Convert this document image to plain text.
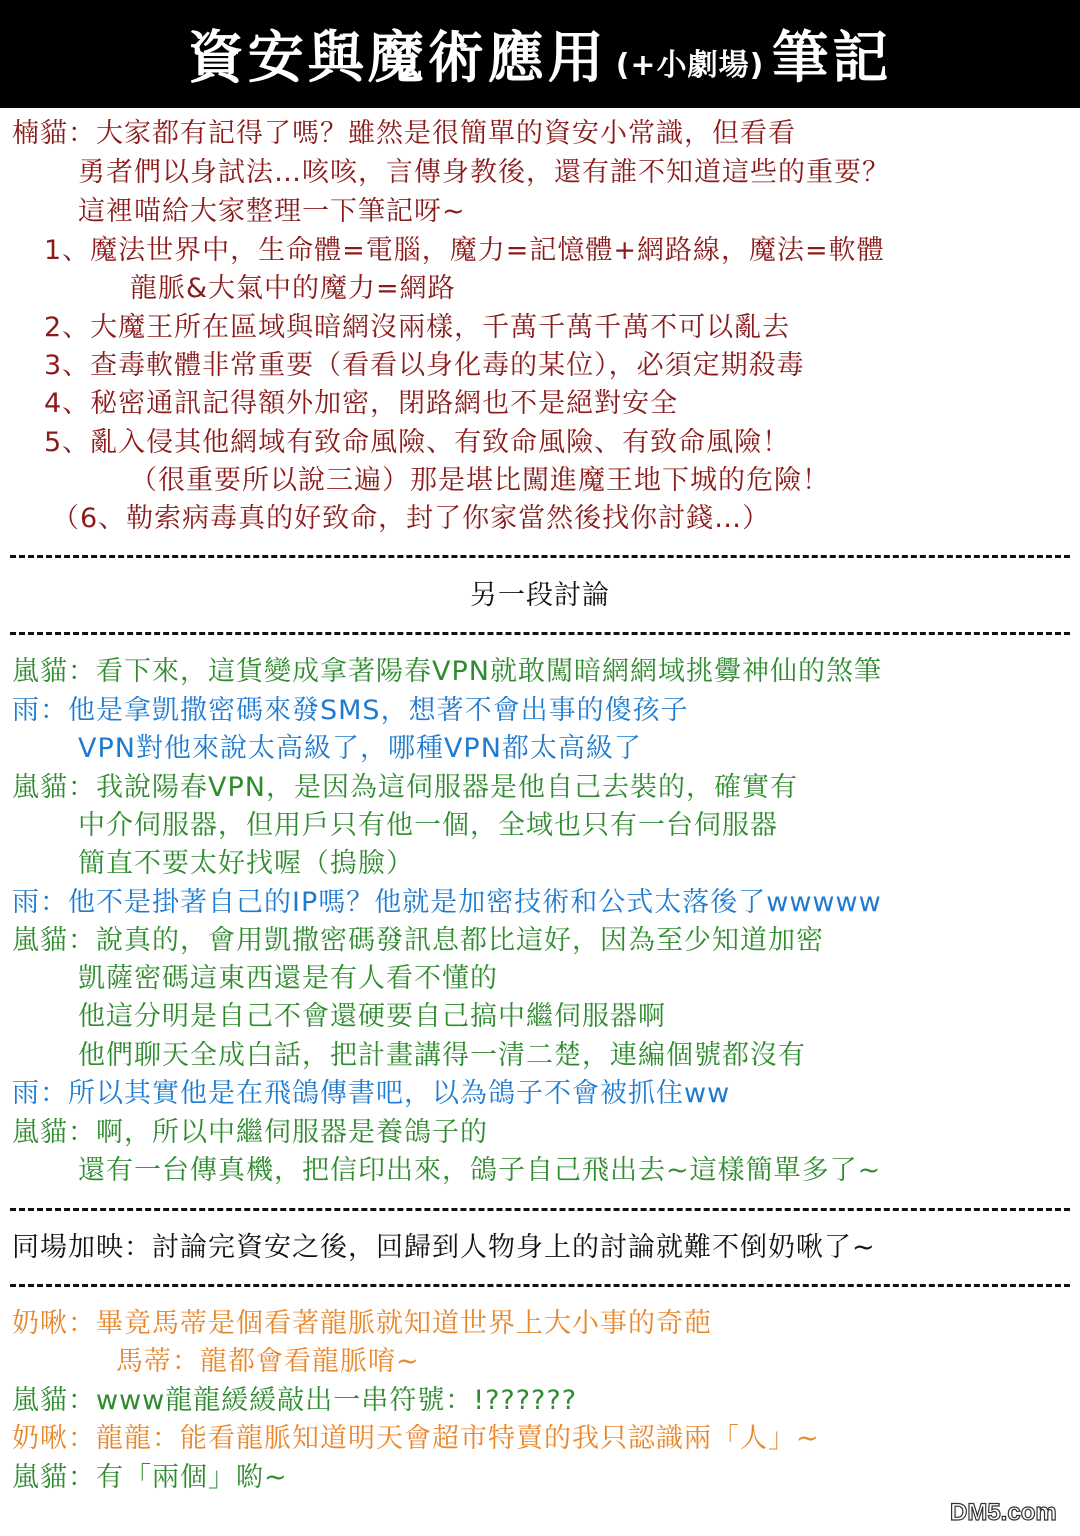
資安與魔術應用 (+小劇場) 筆記
楠貓：大家都有記得了嗎？雖然是很簡單的資安小常識，但看看
勇者們以身試法…咳咳，言傳身教後，還有誰不知道這些的重要？
這裡喵給大家整理一下筆記呀~
1、魔法世界中，生命體=電腦，魔力=記憶體+網路線，魔法=軟體
龍脈&大氣中的魔力=網路
2、大魔王所在區域與暗網沒兩樣，千萬千萬千萬不可以亂去
3、查毒軟體非常重要（看看以身化毒的某位），必須定期殺毒
4、秘密通訊記得額外加密，閉路網也不是絕對安全
5、亂入侵其他網域有致命風險、有致命風險、有致命風險！
（很重要所以說三遍）那是堪比闖進魔王地下城的危險！
（6、勒索病毒真的好致命，封了你家當然後找你討錢…）
另一段討論
嵐貓：看下來，這貨變成拿著陽春VPN就敢闖暗網網域挑釁神仙的煞筆
雨：他是拿凱撒密碼來發SMS，想著不會出事的傻孩子
VPN對他來說太高級了，哪種VPN都太高級了
嵐貓：我說陽春VPN，是因為這伺服器是他自己去裝的，確實有
中介伺服器，但用戶只有他一個，全域也只有一台伺服器
簡直不要太好找喔（摀臉）
雨：他不是掛著自己的IP嗎？他就是加密技術和公式太落後了wwwww
嵐貓：說真的，會用凱撒密碼發訊息都比這好，因為至少知道加密
凱薩密碼這東西還是有人看不懂的
他這分明是自己不會還硬要自己搞中繼伺服器啊
他們聊天全成白話，把計畫講得一清二楚，連編個號都沒有
雨：所以其實他是在飛鴿傳書吧，以為鴿子不會被抓住ww
嵐貓：啊，所以中繼伺服器是養鴿子的
還有一台傳真機，把信印出來，鴿子自己飛出去~這樣簡單多了~
同場加映：討論完資安之後，回歸到人物身上的討論就難不倒奶啾了~
奶啾：畢竟馬蒂是個看著龍脈就知道世界上大小事的奇葩
馬蒂：龍都會看龍脈唷~
嵐貓：www龍龍緩緩敲出一串符號：!??????
奶啾：龍龍：能看龍脈知道明天會超市特賣的我只認識兩「人」~
嵐貓：有「兩個」喲~
DM5.com
